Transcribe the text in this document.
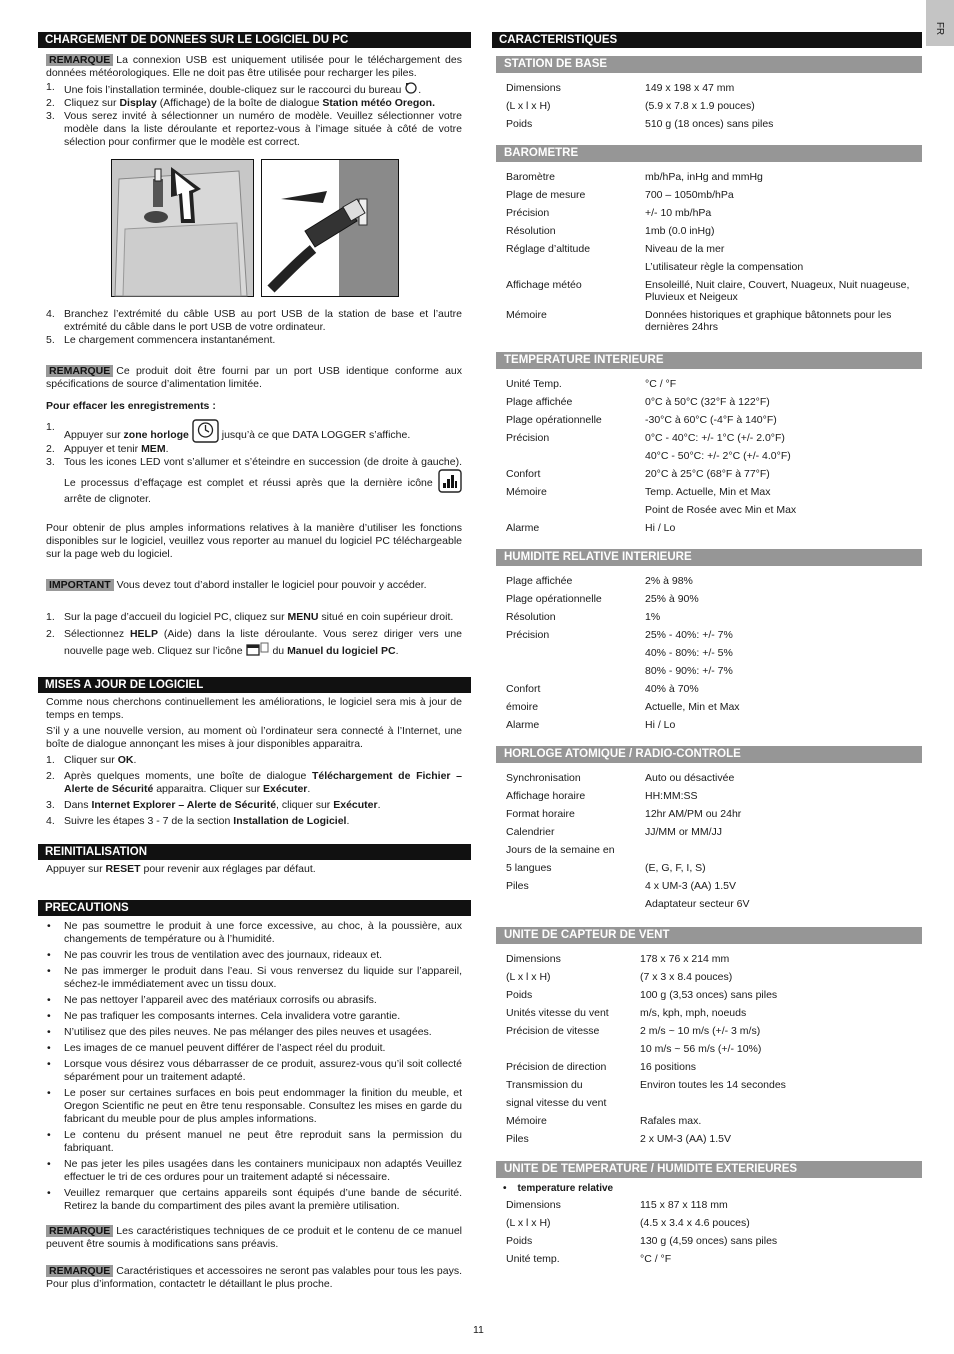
FR
CHARGEMENT DE DONNEES SUR LE LOGICIEL DU PC

REMARQUE La connexion USB est uniquement utilisée pour le téléchargement des données météorologiques. Elle ne doit pas être utilisée pour recharger les piles.

1. Une fois l’installation terminée, double-cliquez sur le raccourci du bureau .
2. Cliquez sur Display (Affichage) de la boîte de dialogue Station météo Oregon.
3. Vous serez invité à sélectionner un numéro de modèle. Veuillez sélectionner votre modèle dans la liste déroulante et reportez-vous à l’image située à côté de votre sélection pour confirmer que le modèle est correct.
4. Branchez l’extrémité du câble USB au port USB de la station de base et l’autre extrémité du câble dans le port USB de votre ordinateur.
5. Le chargement commencera instantanément.

REMARQUE Ce produit doit être fourni par un port USB identique conforme aux spécifications de source d’alimentation limitée.

Pour effacer les enregistrements :

1.
Appuyer sur zone horloge	jusqu’à ce que DATA LOGGER s’affiche.
2. Appuyer et tenir MEM.
3. Tous les icones LED vont s’allumer et s’éteindre en succession (de droite à gauche). Le processus d’effaçage est complet et réussi après que la dernière icône  arrête de clignoter.

Pour obtenir de plus amples informations relatives à la manière d’utiliser les fonctions disponibles sur le logiciel, veuillez vous reporter au manuel du logiciel PC téléchargeable sur la page web du logiciel.

IMPORTANT Vous devez tout d’abord installer le logiciel pour pouvoir y accéder.

1. Sur la page d’accueil du logiciel PC, cliquez sur MENU situé en coin supérieur droit.
2. Sélectionnez HELP (Aide) dans la liste déroulante. Vous serez diriger vers une nouvelle page web. Cliquez sur l’icône	du Manuel du logiciel PC.
MISES A JOUR DE LOGICIEL

Comme nous cherchons continuellement les améliorations, le logiciel sera mis à jour de temps en temps.

S’il y a une nouvelle version, au moment où l’ordinateur sera connecté à l’Internet, une boîte de dialogue annonçant les mises à jour disponibles apparaitra.

1. Cliquer sur OK.
2. Après quelques moments, une boîte de dialogue Téléchargement de Fichier – Alerte de Sécurité apparaitra. Cliquer sur Exécuter.
3. Dans Internet Explorer – Alerte de Sécurité, cliquer sur Exécuter.
4. Suivre les étapes 3 - 7 de la section Installation de Logiciel.
REINITIALISATION

Appuyer sur RESET pour revenir aux réglages par défaut.

PRECAUTIONS
• Ne pas soumettre le produit à une force excessive, au choc, à la poussière, aux changements de température ou à l’humidité.
• Ne pas couvrir les trous de ventilation avec des journaux, rideaux et.
• Ne pas immerger le produit dans l’eau. Si vous renversez du liquide sur l’appareil, séchez-le immédiatement avec un tissu doux.
• Ne pas nettoyer l’appareil avec des matériaux corrosifs ou abrasifs.
• Ne pas trafiquer les composants internes. Cela invalidera votre garantie.
• N’utilisez que des piles neuves. Ne pas mélanger des piles neuves et usagées.
• Les images de ce manuel peuvent différer de l’aspect réel du produit.
• Lorsque vous désirez vous débarrasser de ce produit, assurez-vous qu’il soit collecté séparément pour un traitement adapté.
• Le poser sur certaines surfaces en bois peut endommager la finition du meuble, et Oregon Scientific ne peut en être tenu responsable. Consultez les mises en garde du fabricant du meuble pour de plus amples informations.
• Le contenu du présent manuel ne peut être reproduit sans la permission du fabriquant.
• Ne pas jeter les piles usagées dans les containers municipaux non adaptés Veuillez effectuer le tri de ces ordures pour un traitement adapté si nécessaire.
• Veuillez remarquer que certains appareils sont équipés d’une bande de sécurité. Retirez la bande du compartiment des piles avant la première utilisation.

REMARQUE Les caractéristiques techniques de ce produit et le contenu de ce manuel peuvent être soumis à modifications sans préavis.

REMARQUE Caractéristiques et accessoires ne seront pas valables pour tous les pays. Pour plus d’information, contactetr le détaillant le plus proche.

CARACTERISTIQUES
STATION DE BASE
Dimensions	149 x 198 x 47 mm
(L x l x H)	(5.9 x 7.8 x 1.9 pouces)
Poids	510 g (18 onces) sans piles
BAROMETRE
Baromètre	mb/hPa, inHg and mmHg
Plage de mesure	700 – 1050mb/hPa
Précision	+/- 10 mb/hPa
Résolution	1mb (0.0 inHg)
Réglage d’altitude	Niveau de la mer
	L’utilisateur règle la compensation
Affichage météo	Ensoleillé, Nuit claire, Couvert, Nuageux, Nuit nuageuse, Pluvieux et Neigeux
Mémoire	Données historiques et graphique bâtonnets pour les dernières 24hrs
TEMPERATURE INTERIEURE
Unité Temp.	°C / °F
Plage affichée	0°C à 50°C (32°F à 122°F)
Plage opérationnelle	-30°C à 60°C (-4°F à 140°F)
Précision	0°C - 40°C: +/- 1°C (+/- 2.0°F)
	40°C - 50°C: +/- 2°C (+/- 4.0°F)
Confort	20°C à 25°C (68°F à 77°F)
Mémoire	Temp. Actuelle, Min et Max
	Point de Rosée avec Min et Max
Alarme	Hi / Lo
HUMIDITE RELATIVE INTERIEURE
Plage affichée	2% à 98%
Plage opérationnelle	25% à 90%
Résolution	1%
Précision	25% - 40%: +/- 7%
	40% - 80%: +/- 5%
	80% - 90%: +/- 7%
Confort	40% à 70%
émoire	Actuelle, Min et Max
Alarme	Hi / Lo
HORLOGE ATOMIQUE / RADIO-CONTROLE
Synchronisation	Auto ou désactivée
Affichage horaire	HH:MM:SS
Format horaire	12hr AM/PM ou 24hr
Calendrier	JJ/MM or MM/JJ
Jours de la semaine en	
5 langues	(E, G, F, I, S)
Piles	4 x UM-3 (AA) 1.5V
	Adaptateur secteur 6V
UNITE DE CAPTEUR DE VENT
Dimensions	178 x 76 x 214 mm
(L x l x H)	(7 x 3 x 8.4 pouces)
Poids	100 g (3,53 onces) sans piles
Unités vitesse du vent	m/s, kph, mph, noeuds
Précision de vitesse	2 m/s ~ 10 m/s (+/- 3 m/s)
	10 m/s ~ 56 m/s (+/- 10%)
Précision de direction	16 positions
Transmission du	Environ toutes les 14 secondes
signal vitesse du vent	
Mémoire	Rafales max.
Piles	2 x UM-3 (AA) 1.5V
UNITE DE TEMPERATURE / HUMIDITE EXTERIEURES
• temperature relative
Dimensions	115 x 87 x 118 mm
(L x l x H)	(4.5 x 3.4 x 4.6 pouces)
Poids	130 g (4,59 onces) sans piles
Unité temp.	°C / °F
11
